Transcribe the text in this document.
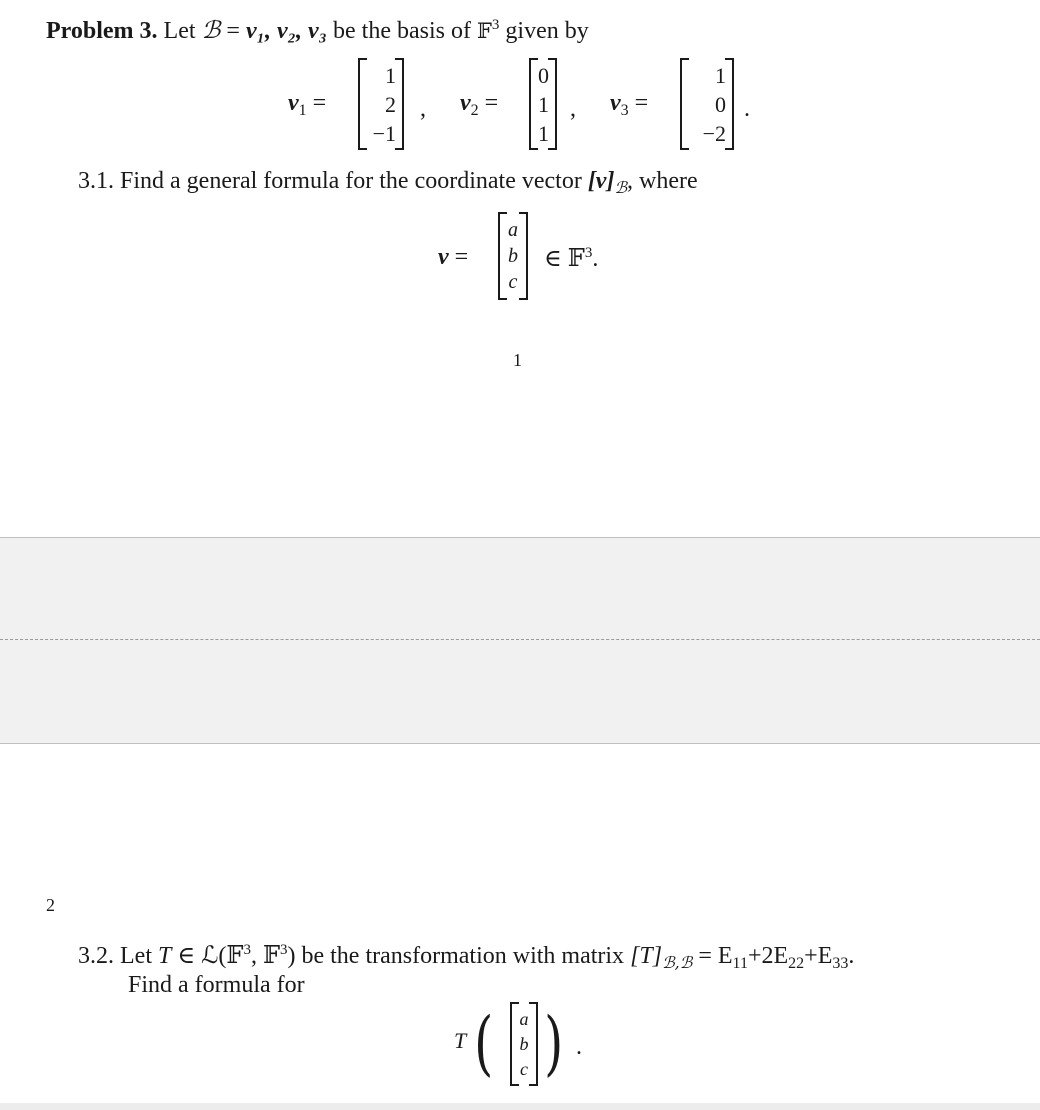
Problem 3. Let ℬ = v₁, v₂, v₃ be the basis of 𝔽$^3$ given by
$v_1$ =
1
2
−1
, $v_2$ =
0
1
1
, $v_3$ =
1
0
−2
.
3.1. Find a general formula for the coordinate vector $[v]_ℬ$, where
v =
a
b
c
∈ 𝔽$^3$.
1
2
3.2. Let T ∈ ℒ(𝔽$^3$, 𝔽$^3$) be the transformation with matrix $[T]_{ℬ,ℬ} = E_{11}+2E_{22}+E_{33}$.
Find a formula for
T (	a
b
c ) .
